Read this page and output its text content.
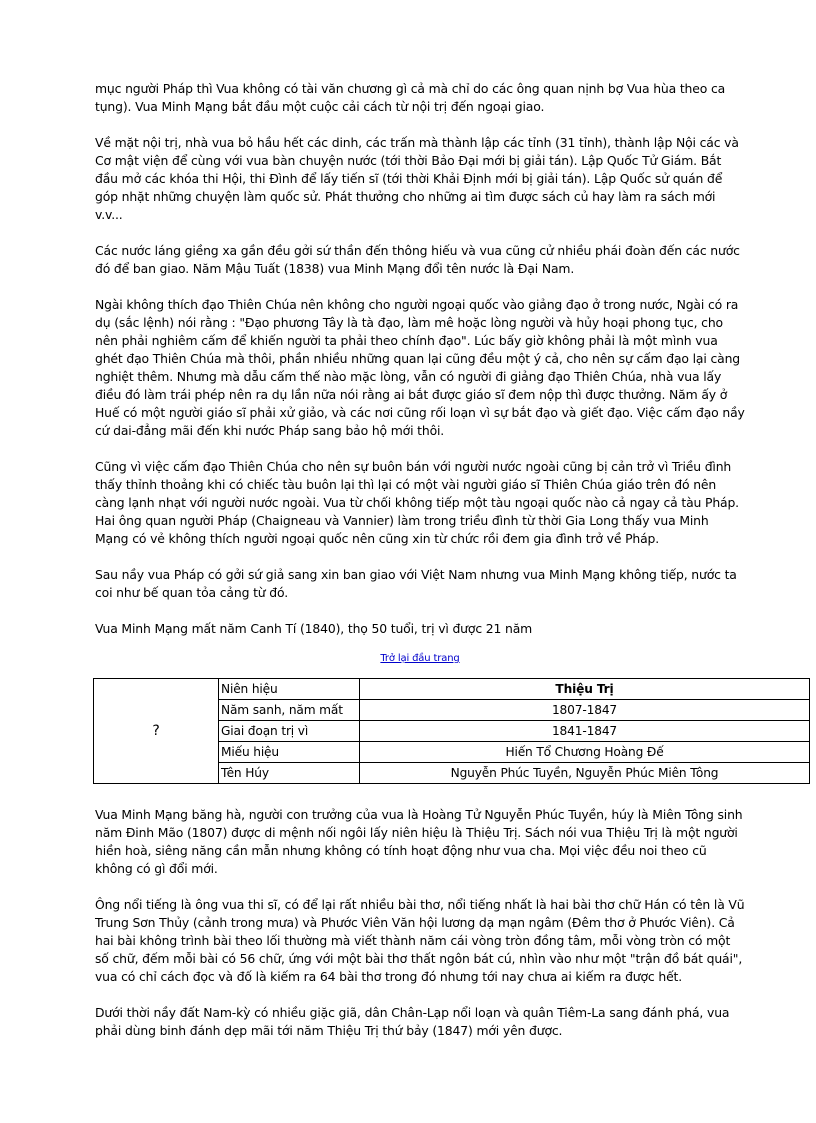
mục người Pháp thì Vua không có tài văn chương gì cả mà chỉ do các ông quan nịnh bợ Vua hùa theo ca tụng). Vua Minh Mạng bắt đầu một cuộc cải cách từ nội trị đến ngoại giao.

Về mặt nội trị, nhà vua bỏ hầu hết các dinh, các trấn mà thành lập các tỉnh (31 tỉnh), thành lập Nội các và Cơ mật viện để cùng với vua bàn chuyện nước (tới thời Bảo Đại mới bị giải tán). Lập Quốc Tử Giám. Bắt đầu mở các khóa thi Hội, thi Đình để lấy tiến sĩ (tới thời Khải Định mới bị giải tán). Lập Quốc sử quán để góp nhặt những chuyện làm quốc sử. Phát thưởng cho những ai tìm được sách củ hay làm ra sách mới v.v...

Các nước láng giềng xa gần đều gởi sứ thần đến thông hiếu và vua cũng cử nhiều phái đoàn đến các nước đó để ban giao. Năm Mậu Tuất (1838) vua Minh Mạng đổi tên nước là Đại Nam.

Ngài không thích đạo Thiên Chúa nên không cho người ngoại quốc vào giảng đạo ở trong nước, Ngài có ra dụ (sắc lệnh) nói rằng : "Đạo phương Tây là tà đạo, làm mê hoặc lòng người và hủy hoại phong tục, cho nên phải nghiêm cấm để khiến người ta phải theo chính đạo". Lúc bấy giờ không phải là một mình vua ghét đạo Thiên Chúa mà thôi, phần nhiều những quan lại cũng đều một ý cả, cho nên sự cấm đạo lại càng nghiệt thêm. Nhưng mà dẫu cấm thế nào mặc lòng, vẫn có người đi giảng đạo Thiên Chúa, nhà vua lấy điều đó làm trái phép nên ra dụ lần nữa nói rằng ai bắt được giáo sĩ đem nộp thì được thưởng. Năm ấy ở Huế có một người giáo sĩ phải xử giảo, và các nơi cũng rối loạn vì sự bắt đạo và giết đạo. Việc cấm đạo nầy cứ dai-đẳng mãi đến khi nước Pháp sang bảo hộ mới thôi.

Cũng vì việc cấm đạo Thiên Chúa cho nên sự buôn bán với người nước ngoài cũng bị cản trở vì Triều đình thấy thỉnh thoảng khi có chiếc tàu buôn lại thì lại có một vài người giáo sĩ Thiên Chúa giáo trên đó nên càng lạnh nhạt với người nước ngoài. Vua từ chối không tiếp một tàu ngoại quốc nào cả ngay cả tàu Pháp. Hai ông quan người Pháp (Chaigneau và Vannier) làm trong triều đình từ thời Gia Long thấy vua Minh Mạng có vẻ không thích người ngoại quốc nên cũng xin từ chức rồi đem gia đình trở về Pháp.

Sau nầy vua Pháp có gởi sứ giả sang xin ban giao với Việt Nam nhưng vua Minh Mạng không tiếp, nước ta coi như bế quan tỏa cảng từ đó.

Vua Minh Mạng mất năm Canh Tí (1840), thọ 50 tuổi, trị vì được 21 năm

Trở lại đầu trang
?	Niên hiệu	Thiệu Trị
	Năm sanh, năm mất	1807-1847
	Giai đoạn trị vì	1841-1847
	Miếu hiệu	Hiến Tổ Chương Hoàng Đế
	Tên Húy	Nguyễn Phúc Tuyền, Nguyễn Phúc Miên Tông

Vua Minh Mạng băng hà, người con trưởng của vua là Hoàng Tử Nguyễn Phúc Tuyền, húy là Miên Tông sinh năm Đinh Mão (1807) được di mệnh nối ngôi lấy niên hiệu là Thiệu Trị. Sách nói vua Thiệu Trị là một người hiền hoà, siêng năng cần mẫn nhưng không có tính hoạt động như vua cha. Mọi việc đều noi theo cũ không có gì đổi mới.

Ông nổi tiếng là ông vua thi sĩ, có để lại rất nhiều bài thơ, nổi tiếng nhất là hai bài thơ chữ Hán có tên là Vũ Trung Sơn Thủy (cảnh trong mưa) và Phước Viên Văn hội lương dạ mạn ngâm (Đêm thơ ở Phước Viên). Cả hai bài không trình bài theo lối thường mà viết thành năm cái vòng tròn đồng tâm, mỗi vòng tròn có một số chữ, đếm mỗi bài có 56 chữ, ứng với một bài thơ thất ngôn bát cú, nhìn vào như một "trận đồ bát quái", vua có chỉ cách đọc và đố là kiếm ra 64 bài thơ trong đó nhưng tới nay chưa ai kiếm ra được hết.

Dưới thời nầy đất Nam-kỳ có nhiều giặc giã, dân Chân-Lạp nổi loạn và quân Tiêm-La sang đánh phá, vua phải dùng binh đánh dẹp mãi tới năm Thiệu Trị thứ bảy (1847) mới yên được.
